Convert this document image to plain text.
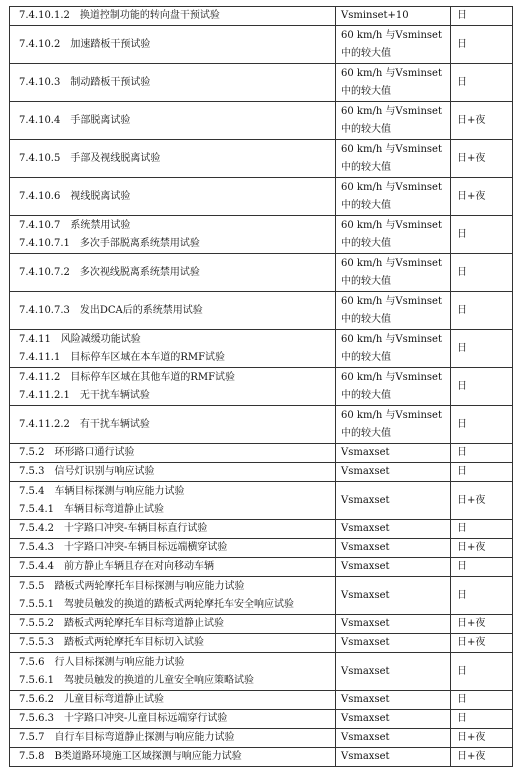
7.4.10.1.2　换道控制功能的转向盘干预试验	Vsminset+10	日

7.4.10.2　加速踏板干预试验	60 km/h 与Vsminset
中的较大值	日

7.4.10.3　制动踏板干预试验	60 km/h 与Vsminset
中的较大值	日

7.4.10.4　手部脱离试验	60 km/h 与Vsminset
中的较大值	日+夜

7.4.10.5　手部及视线脱离试验	60 km/h 与Vsminset
中的较大值	日+夜

7.4.10.6　视线脱离试验	60 km/h 与Vsminset
中的较大值	日+夜

7.4.10.7　系统禁用试验
7.4.10.7.1　多次手部脱离系统禁用试验	60 km/h 与Vsminset
中的较大值	日

7.4.10.7.2　多次视线脱离系统禁用试验	60 km/h 与Vsminset
中的较大值	日

7.4.10.7.3　发出DCA后的系统禁用试验	60 km/h 与Vsminset
中的较大值	日

7.4.11　风险减缓功能试验
7.4.11.1　目标停车区域在本车道的RMF试验	60 km/h 与Vsminset
中的较大值	日

7.4.11.2　目标停车区域在其他车道的RMF试验
7.4.11.2.1　无干扰车辆试验	60 km/h 与Vsminset
中的较大值	日

7.4.11.2.2　有干扰车辆试验	60 km/h 与Vsminset
中的较大值	日

7.5.2　环形路口通行试验	Vsmaxset	日

7.5.3　信号灯识别与响应试验	Vsmaxset	日

7.5.4　车辆目标探测与响应能力试验
7.5.4.1　车辆目标弯道静止试验	Vsmaxset	日+夜

7.5.4.2　十字路口冲突-车辆目标直行试验	Vsmaxset	日

7.5.4.3　十字路口冲突-车辆目标远端横穿试验	Vsmaxset	日+夜

7.5.4.4　前方静止车辆且存在对向移动车辆	Vsmaxset	日

7.5.5　踏板式两轮摩托车目标探测与响应能力试验
7.5.5.1　驾驶员触发的换道的踏板式两轮摩托车安全响应试验	Vsmaxset	日

7.5.5.2　踏板式两轮摩托车目标弯道静止试验	Vsmaxset	日+夜

7.5.5.3　踏板式两轮摩托车目标切入试验	Vsmaxset	日+夜

7.5.6　行人目标探测与响应能力试验
7.5.6.1　驾驶员触发的换道的儿童安全响应策略试验	Vsmaxset	日

7.5.6.2　儿童目标弯道静止试验	Vsmaxset	日

7.5.6.3　十字路口冲突-儿童目标远端穿行试验	Vsmaxset	日

7.5.7　自行车目标弯道静止探测与响应能力试验	Vsmaxset	日+夜

7.5.8　B类道路环境施工区域探测与响应能力试验	Vsmaxset	日+夜
